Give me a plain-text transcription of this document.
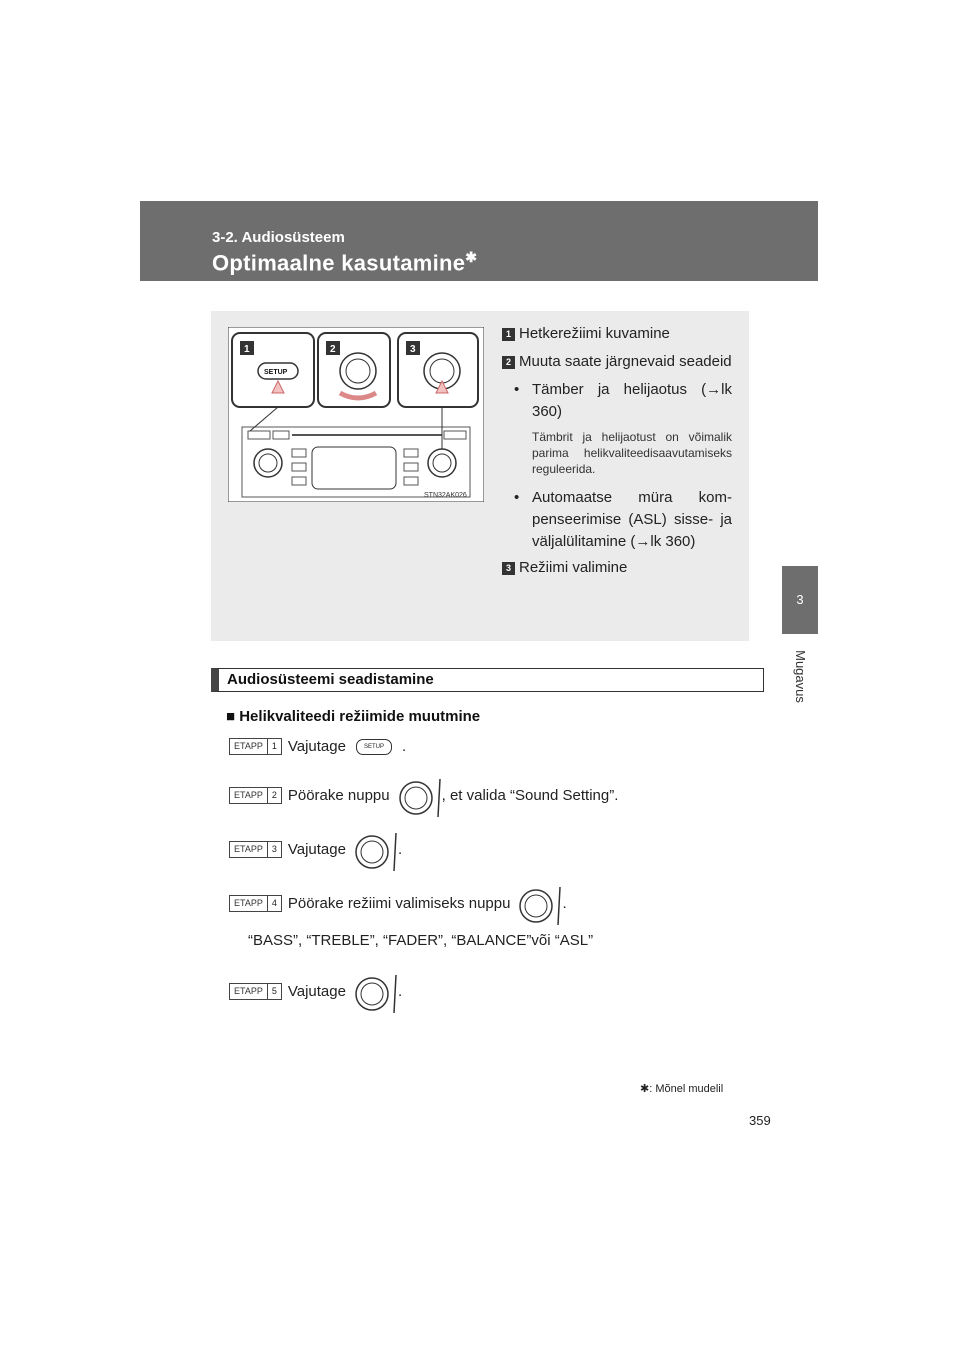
3-2. Audiosüsteem
Optimaalne kasutamine✱
3
Mugavus
STN32AK026
1
SETUP
2	3
1 Hetkerežiimi kuvamine
2 Muuta saate järgnevaid seadeid
• Tämber ja helijaotus (→lk 360)
Tämbrit ja helijaotust on võimalik parima helikvaliteedisaavutamiseks reguleerida.
• Automaatse müra kompenseerimise (ASL) sisse- ja väljalülitamine (→lk 360)
3 Režiimi valimine
Audiosüsteemi seadistamine
■ Helikvaliteedi režiimide muutmine
ETAPP	1 Vajutage	SETUP	.
ETAPP	2 Pöörake nuppu	, et valida “Sound Setting”.
ETAPP	3 Vajutage	.
ETAPP	4 Pöörake režiimi valimiseks nuppu	.
“BASS”, “TREBLE”, “FADER”, “BALANCE”või “ASL”
ETAPP	5 Vajutage	.
✱: Mõnel mudelil
359
